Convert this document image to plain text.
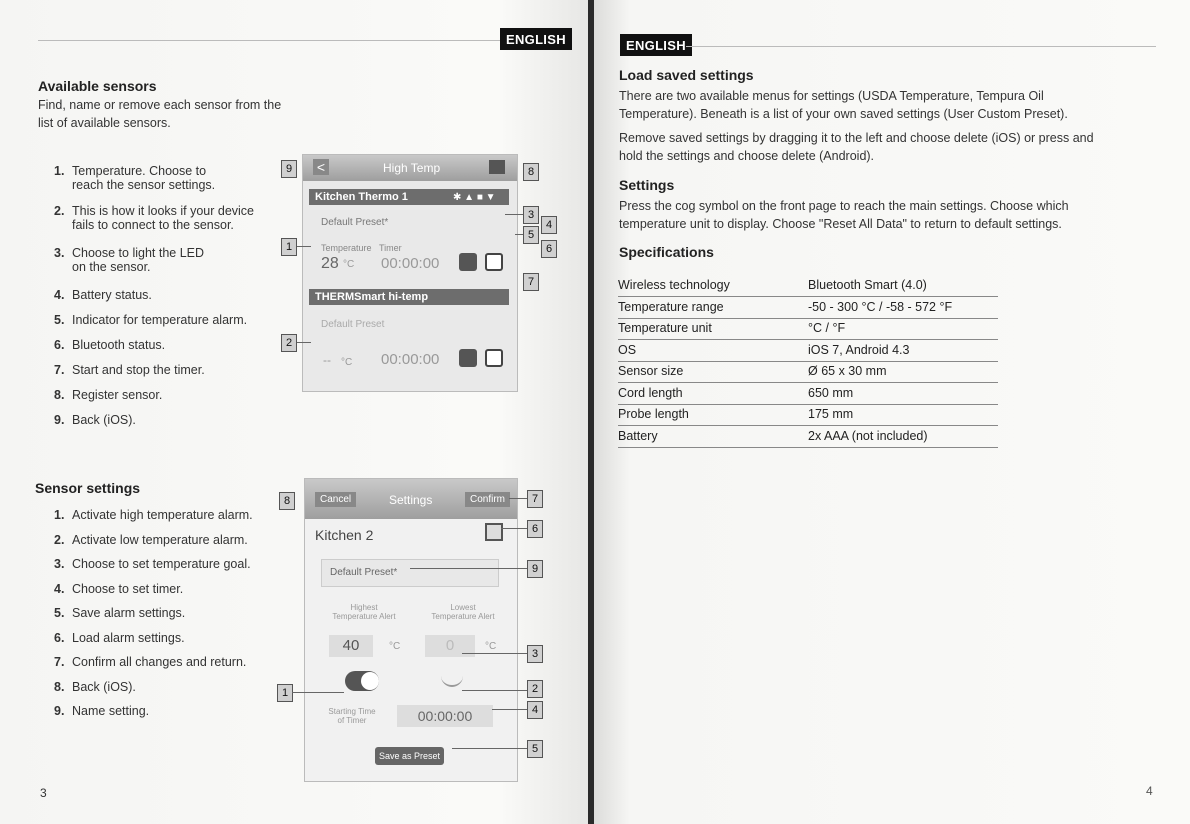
ENGLISH
Available sensors
Find, name or remove each sensor from the
list of available sensors.
1. Temperature. Choose to
reach the sensor settings.
2. This is how it looks if your device
fails to connect to the sensor.
3. Choose to light the LED
on the sensor.
4. Battery status.
5. Indicator for temperature alarm.
6. Bluetooth status.
7. Start and stop the timer.
8. Register sensor.
9. Back (iOS).
<	High Temp
Kitchen Thermo 1	✱ ▲ ■ ▼
Default Preset*
Temperature Timer
28 °C 00:00:00
THERMSmart hi-temp
Default Preset
-- °C 00:00:00
9	8
3
4
5
6
1
7
2
Sensor settings
1. Activate high temperature alarm.
2. Activate low temperature alarm.
3. Choose to set temperature goal.
4. Choose to set timer.
5. Save alarm settings.
6. Load alarm settings.
7. Confirm all changes and return.
8. Back (iOS).
9. Name setting.
Cancel	Settings	Confirm
Kitchen 2
Default Preset*
Highest
Temperature Alert
Lowest
Temperature Alert
40	°C	0	°C
Starting Time
of Timer	00:00:00
Save as Preset
8	7
6
9
3
1	2
4
5
3
ENGLISH
Load saved settings
There are two available menus for settings (USDA Temperature, Tempura Oil
Temperature). Beneath is a list of your own saved settings (User Custom Preset).
Remove saved settings by dragging it to the left and choose delete (iOS) or press and
hold the settings and choose delete (Android).
Settings
Press the cog symbol on the front page to reach the main settings. Choose which
temperature unit to display. Choose "Reset All Data" to return to default settings.
Specifications
Wireless technology	Bluetooth Smart (4.0)
Temperature range	-50 - 300 °C / -58 - 572 °F
Temperature unit	°C / °F
OS	iOS 7, Android 4.3
Sensor size	Ø 65 x 30 mm
Cord length	650 mm
Probe length	175 mm
Battery	2x AAA (not included)
4
